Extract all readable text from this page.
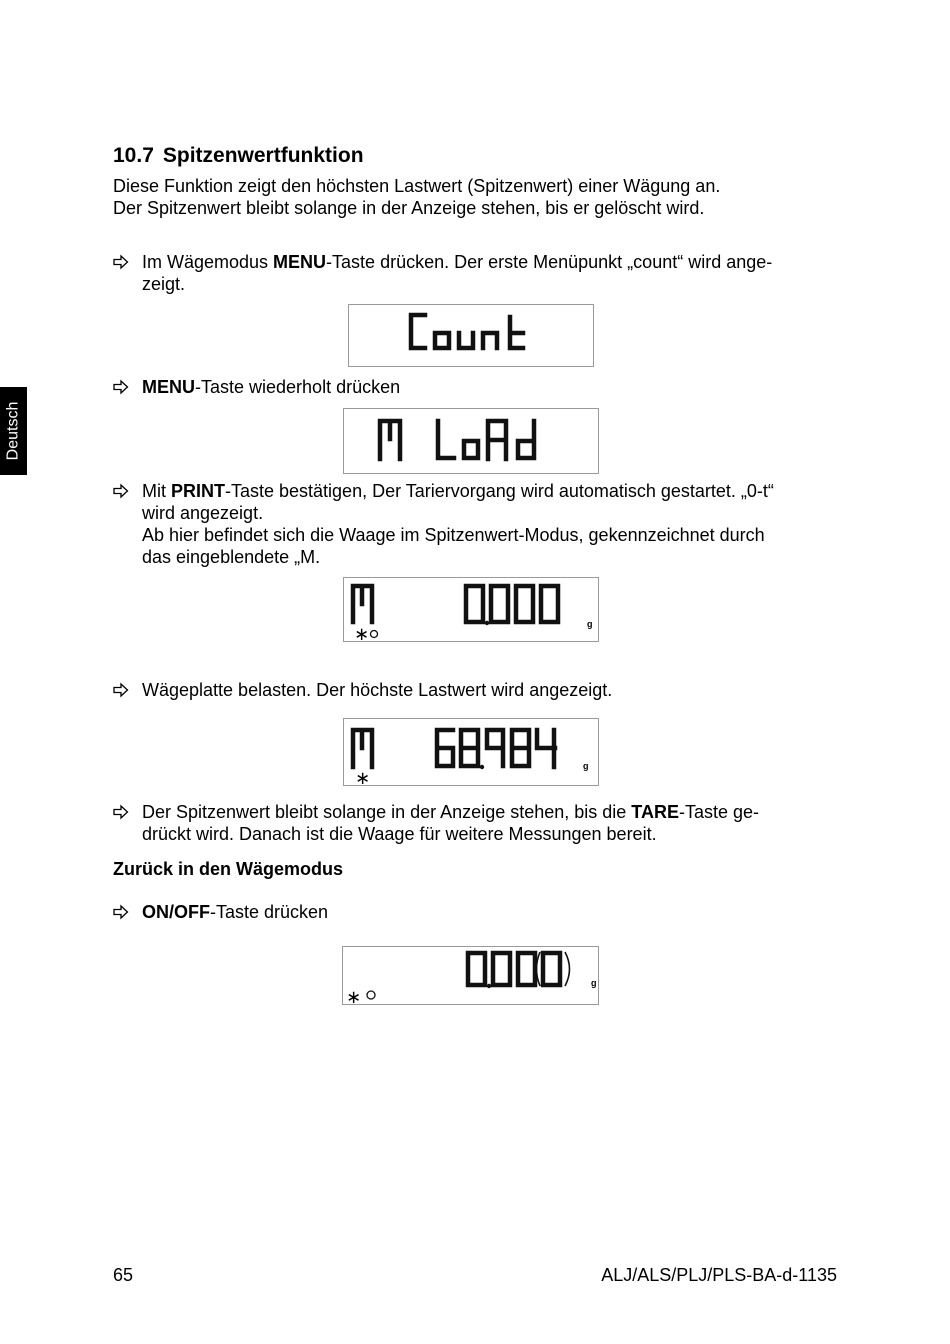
Deutsch
10.7 Spitzenwertfunktion
Diese Funktion zeigt den höchsten Lastwert (Spitzenwert) einer Wägung an.
Der Spitzenwert bleibt solange in der Anzeige stehen, bis er gelöscht wird.
Im Wägemodus MENU-Taste drücken. Der erste Menüpunkt „count“ wird ange-
zeigt.
MENU-Taste wiederholt drücken
Mit PRINT-Taste bestätigen, Der Tariervorgang wird automatisch gestartet. „0-t“
wird angezeigt.
Ab hier befindet sich die Waage im Spitzenwert-Modus, gekennzeichnet durch
das eingeblendete „M.
g
∗
Wägeplatte belasten. Der höchste Lastwert wird angezeigt.
g
∗
Der Spitzenwert bleibt solange in der Anzeige stehen, bis die TARE-Taste ge-
drückt wird. Danach ist die Waage für weitere Messungen bereit.
Zurück in den Wägemodus
ON/OFF-Taste drücken
g
∗
65	ALJ/ALS/PLJ/PLS-BA-d-1135
